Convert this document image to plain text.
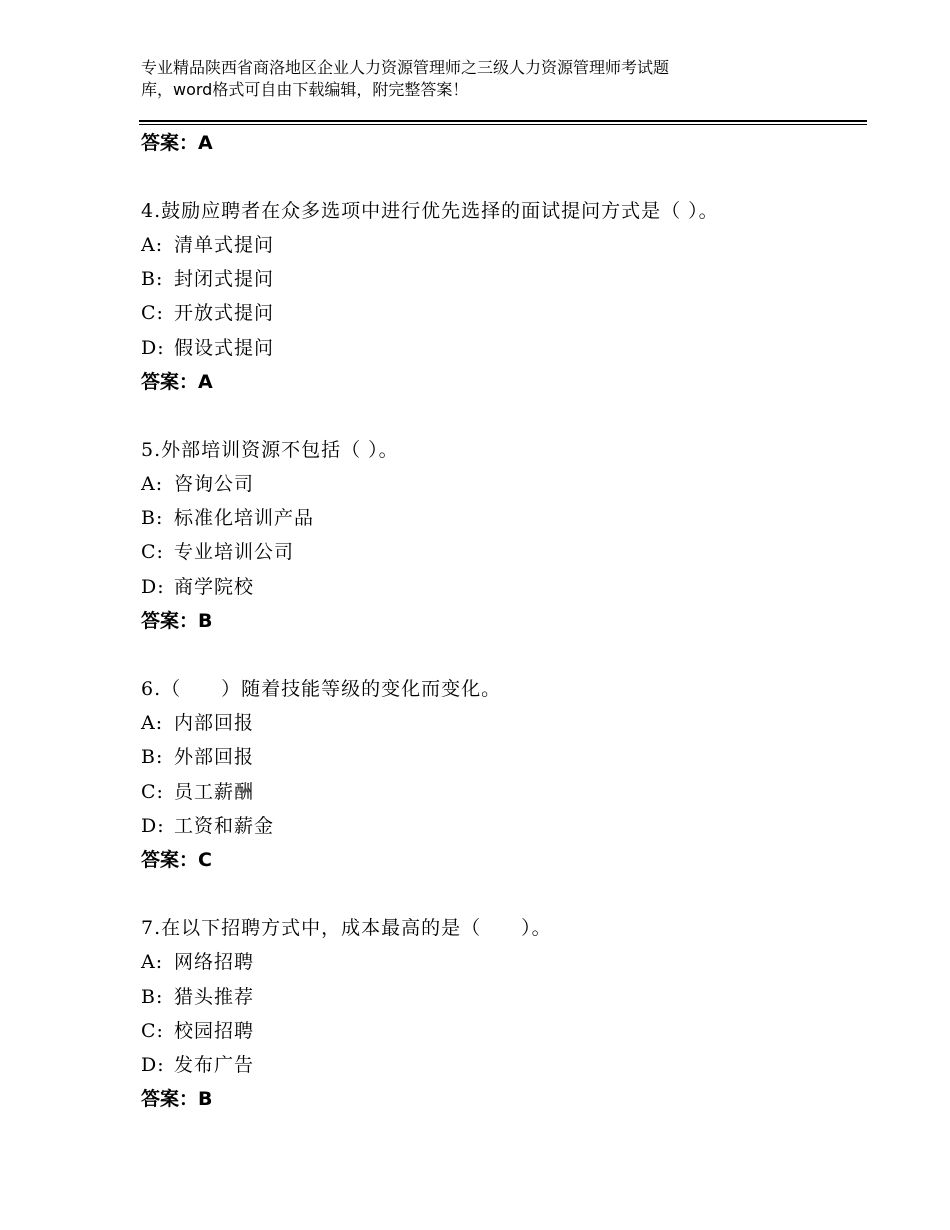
专业精品陕西省商洛地区企业人力资源管理师之三级人力资源管理师考试题
库，word格式可自由下载编辑，附完整答案！
答案：A
4.鼓励应聘者在众多选项中进行优先选择的面试提问方式是（ ）。
A: 清单式提问
B: 封闭式提问
C: 开放式提问
D: 假设式提问
答案：A
5.外部培训资源不包括（ ）。
A: 咨询公司
B: 标准化培训产品
C: 专业培训公司
D: 商学院校
答案：B
6.（　　）随着技能等级的变化而变化。
A: 内部回报
B: 外部回报
C: 员工薪酬
D: 工资和薪金
答案：C
7.在以下招聘方式中，成本最高的是（　　）。
A: 网络招聘
B: 猎头推荐
C: 校园招聘
D: 发布广告
答案：B
